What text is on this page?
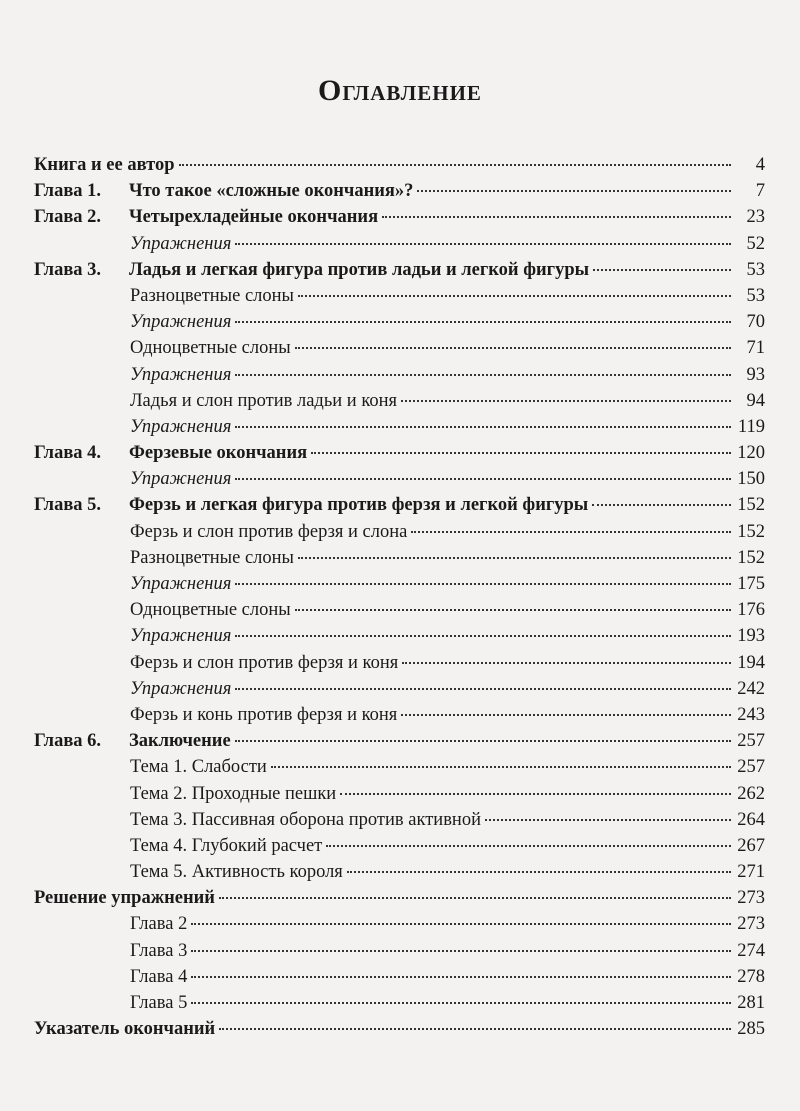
Оглавление
Книга и ее автор	4
Глава 1. Что такое «сложные окончания»?	7
Глава 2. Четырехладейные окончания	23
Упражнения	52
Глава 3. Ладья и легкая фигура против ладьи и легкой фигуры	53
Разноцветные слоны	53
Упражнения	70
Одноцветные слоны	71
Упражнения	93
Ладья и слон против ладьи и коня	94
Упражнения	119
Глава 4. Ферзевые окончания	120
Упражнения	150
Глава 5. Ферзь и легкая фигура против ферзя и легкой фигуры	152
Ферзь и слон против ферзя и слона	152
Разноцветные слоны	152
Упражнения	175
Одноцветные слоны	176
Упражнения	193
Ферзь и слон против ферзя и коня	194
Упражнения	242
Ферзь и конь против ферзя и коня	243
Глава 6. Заключение	257
Тема 1. Слабости	257
Тема 2. Проходные пешки	262
Тема 3. Пассивная оборона против активной	264
Тема 4. Глубокий расчет	267
Тема 5. Активность короля	271
Решение упражнений	273
Глава 2	273
Глава 3	274
Глава 4	278
Глава 5	281
Указатель окончаний	285
